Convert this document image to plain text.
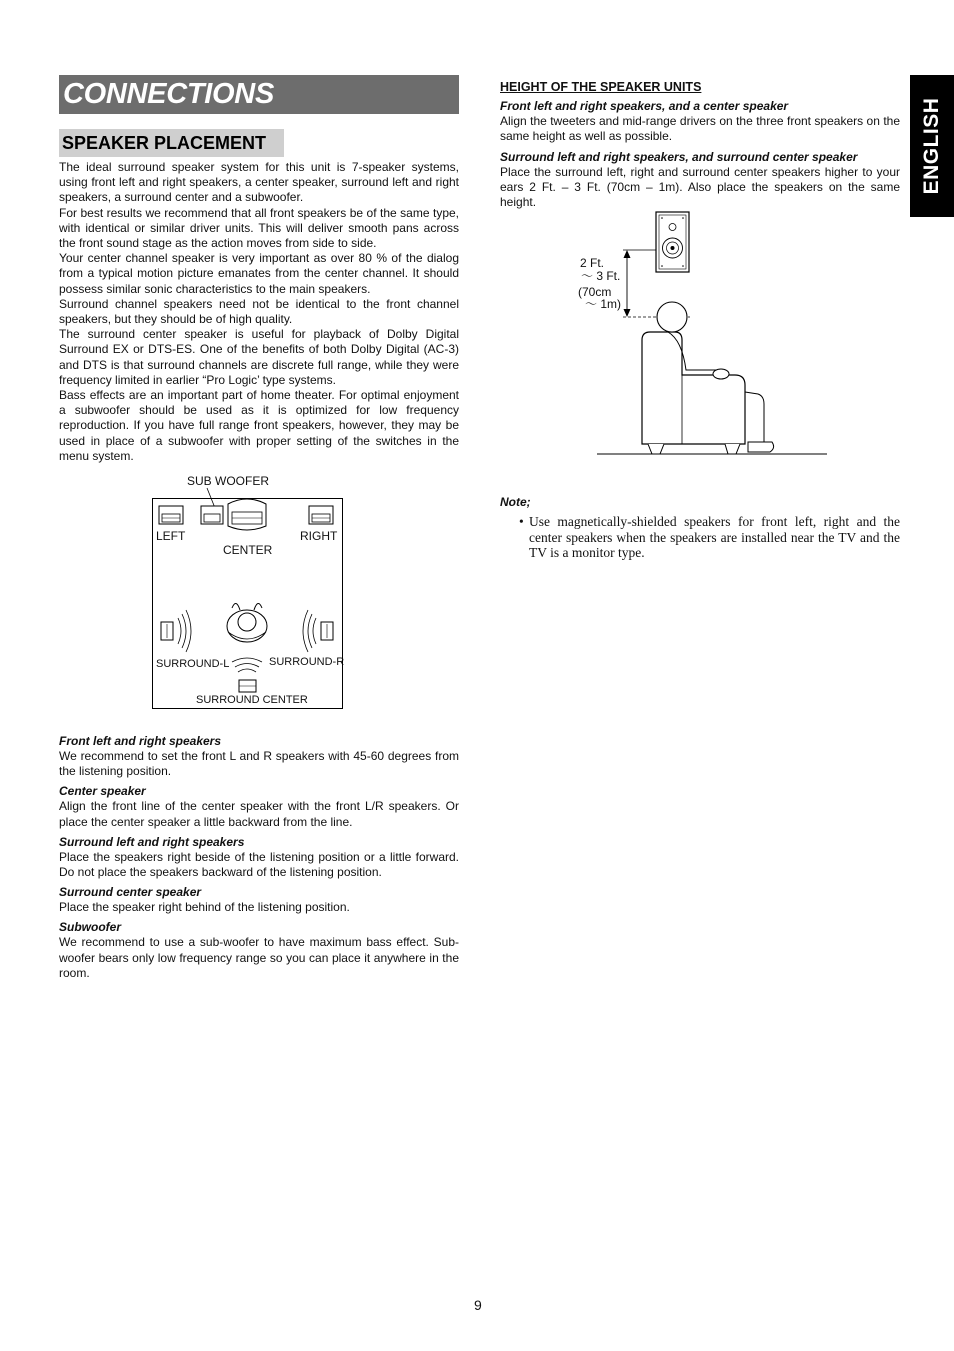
CONNECTIONS
SPEAKER PLACEMENT	ENGLISH

The ideal surround speaker system for this unit is 7-speaker systems, using front left and right speakers, a center speaker, surround left and right speakers, a surround center and a subwoofer.

For best results we recommend that all front speakers be of the same type, with identical or similar driver units. This will deliver smooth pans across the front sound stage as the action moves from side to side.

Your center channel speaker is very important as over 80 % of the dialog from a typical motion picture emanates from the center channel. It should possess similar sonic characteristics to the main speakers.

Surround channel speakers need not be identical to the front channel speakers, but they should be of high quality.

The surround center speaker is useful for playback of Dolby Digital Surround EX or DTS-ES. One of the benefits of both Dolby Digital (AC-3) and DTS is that surround channels are discrete full range, while they were frequency limited in earlier “Pro Logic’ type systems.

Bass effects are an important part of home theater. For optimal enjoyment a subwoofer should be used as it is optimized for low frequency reproduction. If you have full range front speakers, however, they may be used in place of a subwoofer with proper setting of the switches in the menu system.

SUB WOOFER
LEFT
CENTER
RIGHT
SURROUND-L	SURROUND-R
SURROUND CENTER
Front left and right speakers

We recommend to set the front L and R speakers with 45-60 degrees from the listening position.

Center speaker

Align the front line of the center speaker with the front L/R speakers. Or place the center speaker a little backward from the line.

Surround left and right speakers

Place the speakers right beside of the listening position or a little forward. Do not place the speakers backward of the listening position.

Surround center speaker

Place the speaker right behind of the listening position.

Subwoofer

We recommend to use a sub-woofer to have maximum bass effect. Sub-woofer bears only low frequency range so you can place it anywhere in the room.

HEIGHT OF THE SPEAKER UNITS
Front left and right speakers, and a center speaker

Align the tweeters and mid-range drivers on the three front speakers on the same height as well as possible.

Surround left and right speakers, and surround center speaker

Place the surround left, right and surround center speakers higher to your ears 2 Ft. – 3 Ft. (70cm – 1m). Also place the speakers on the same height.

2 Ft.
～ 3 Ft.
(70cm
～ 1m)
Note;
• Use magnetically-shielded speakers for front left, right and the center speakers when the speakers are installed near the TV and the TV is a monitor type.
9
